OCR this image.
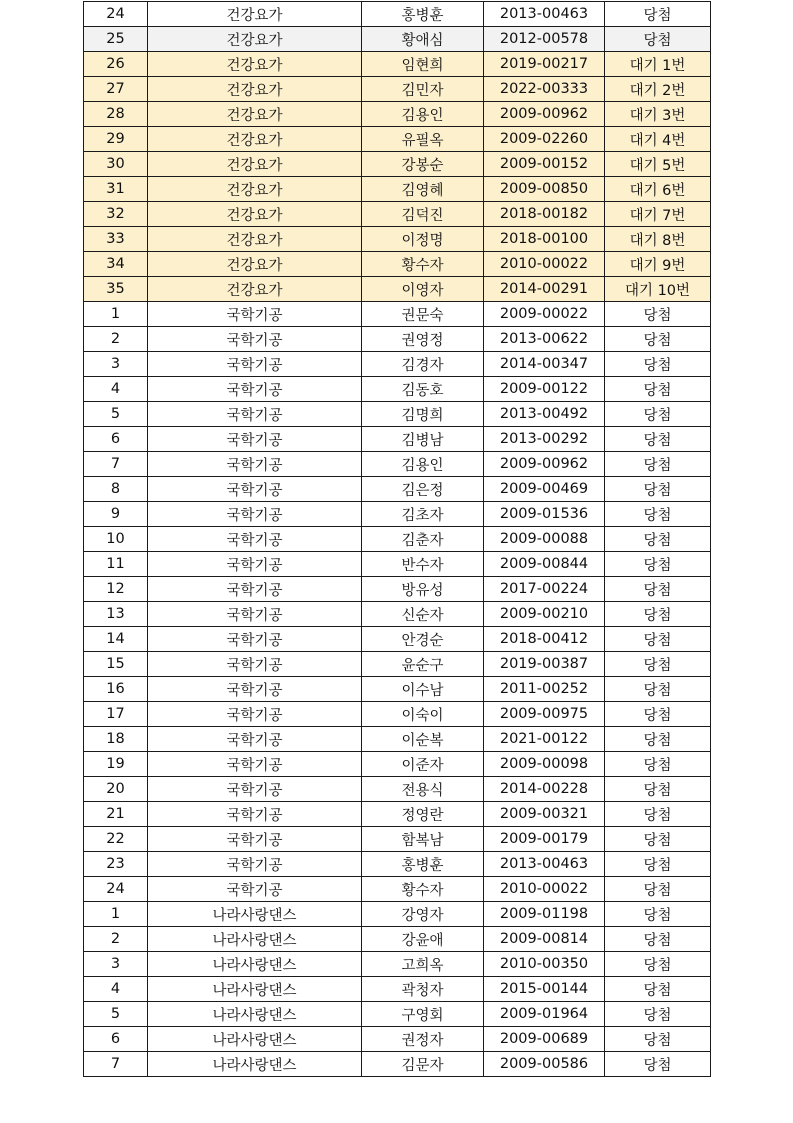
24	건강요가	홍병훈	2013-00463	당첨
25	건강요가	황애심	2012-00578	당첨
26	건강요가	임현희	2019-00217	대기 1번
27	건강요가	김민자	2022-00333	대기 2번
28	건강요가	김용인	2009-00962	대기 3번
29	건강요가	유필옥	2009-02260	대기 4번
30	건강요가	강봉순	2009-00152	대기 5번
31	건강요가	김영혜	2009-00850	대기 6번
32	건강요가	김덕진	2018-00182	대기 7번
33	건강요가	이정명	2018-00100	대기 8번
34	건강요가	황수자	2010-00022	대기 9번
35	건강요가	이영자	2014-00291	대기 10번
1	국학기공	권문숙	2009-00022	당첨
2	국학기공	권영정	2013-00622	당첨
3	국학기공	김경자	2014-00347	당첨
4	국학기공	김동호	2009-00122	당첨
5	국학기공	김명희	2013-00492	당첨
6	국학기공	김병남	2013-00292	당첨
7	국학기공	김용인	2009-00962	당첨
8	국학기공	김은정	2009-00469	당첨
9	국학기공	김초자	2009-01536	당첨
10	국학기공	김춘자	2009-00088	당첨
11	국학기공	반수자	2009-00844	당첨
12	국학기공	방유성	2017-00224	당첨
13	국학기공	신순자	2009-00210	당첨
14	국학기공	안경순	2018-00412	당첨
15	국학기공	윤순구	2019-00387	당첨
16	국학기공	이수남	2011-00252	당첨
17	국학기공	이숙이	2009-00975	당첨
18	국학기공	이순복	2021-00122	당첨
19	국학기공	이준자	2009-00098	당첨
20	국학기공	전용식	2014-00228	당첨
21	국학기공	정영란	2009-00321	당첨
22	국학기공	함복남	2009-00179	당첨
23	국학기공	홍병훈	2013-00463	당첨
24	국학기공	황수자	2010-00022	당첨
1	나라사랑댄스	강영자	2009-01198	당첨
2	나라사랑댄스	강윤애	2009-00814	당첨
3	나라사랑댄스	고희옥	2010-00350	당첨
4	나라사랑댄스	곽청자	2015-00144	당첨
5	나라사랑댄스	구영회	2009-01964	당첨
6	나라사랑댄스	권정자	2009-00689	당첨
7	나라사랑댄스	김문자	2009-00586	당첨
